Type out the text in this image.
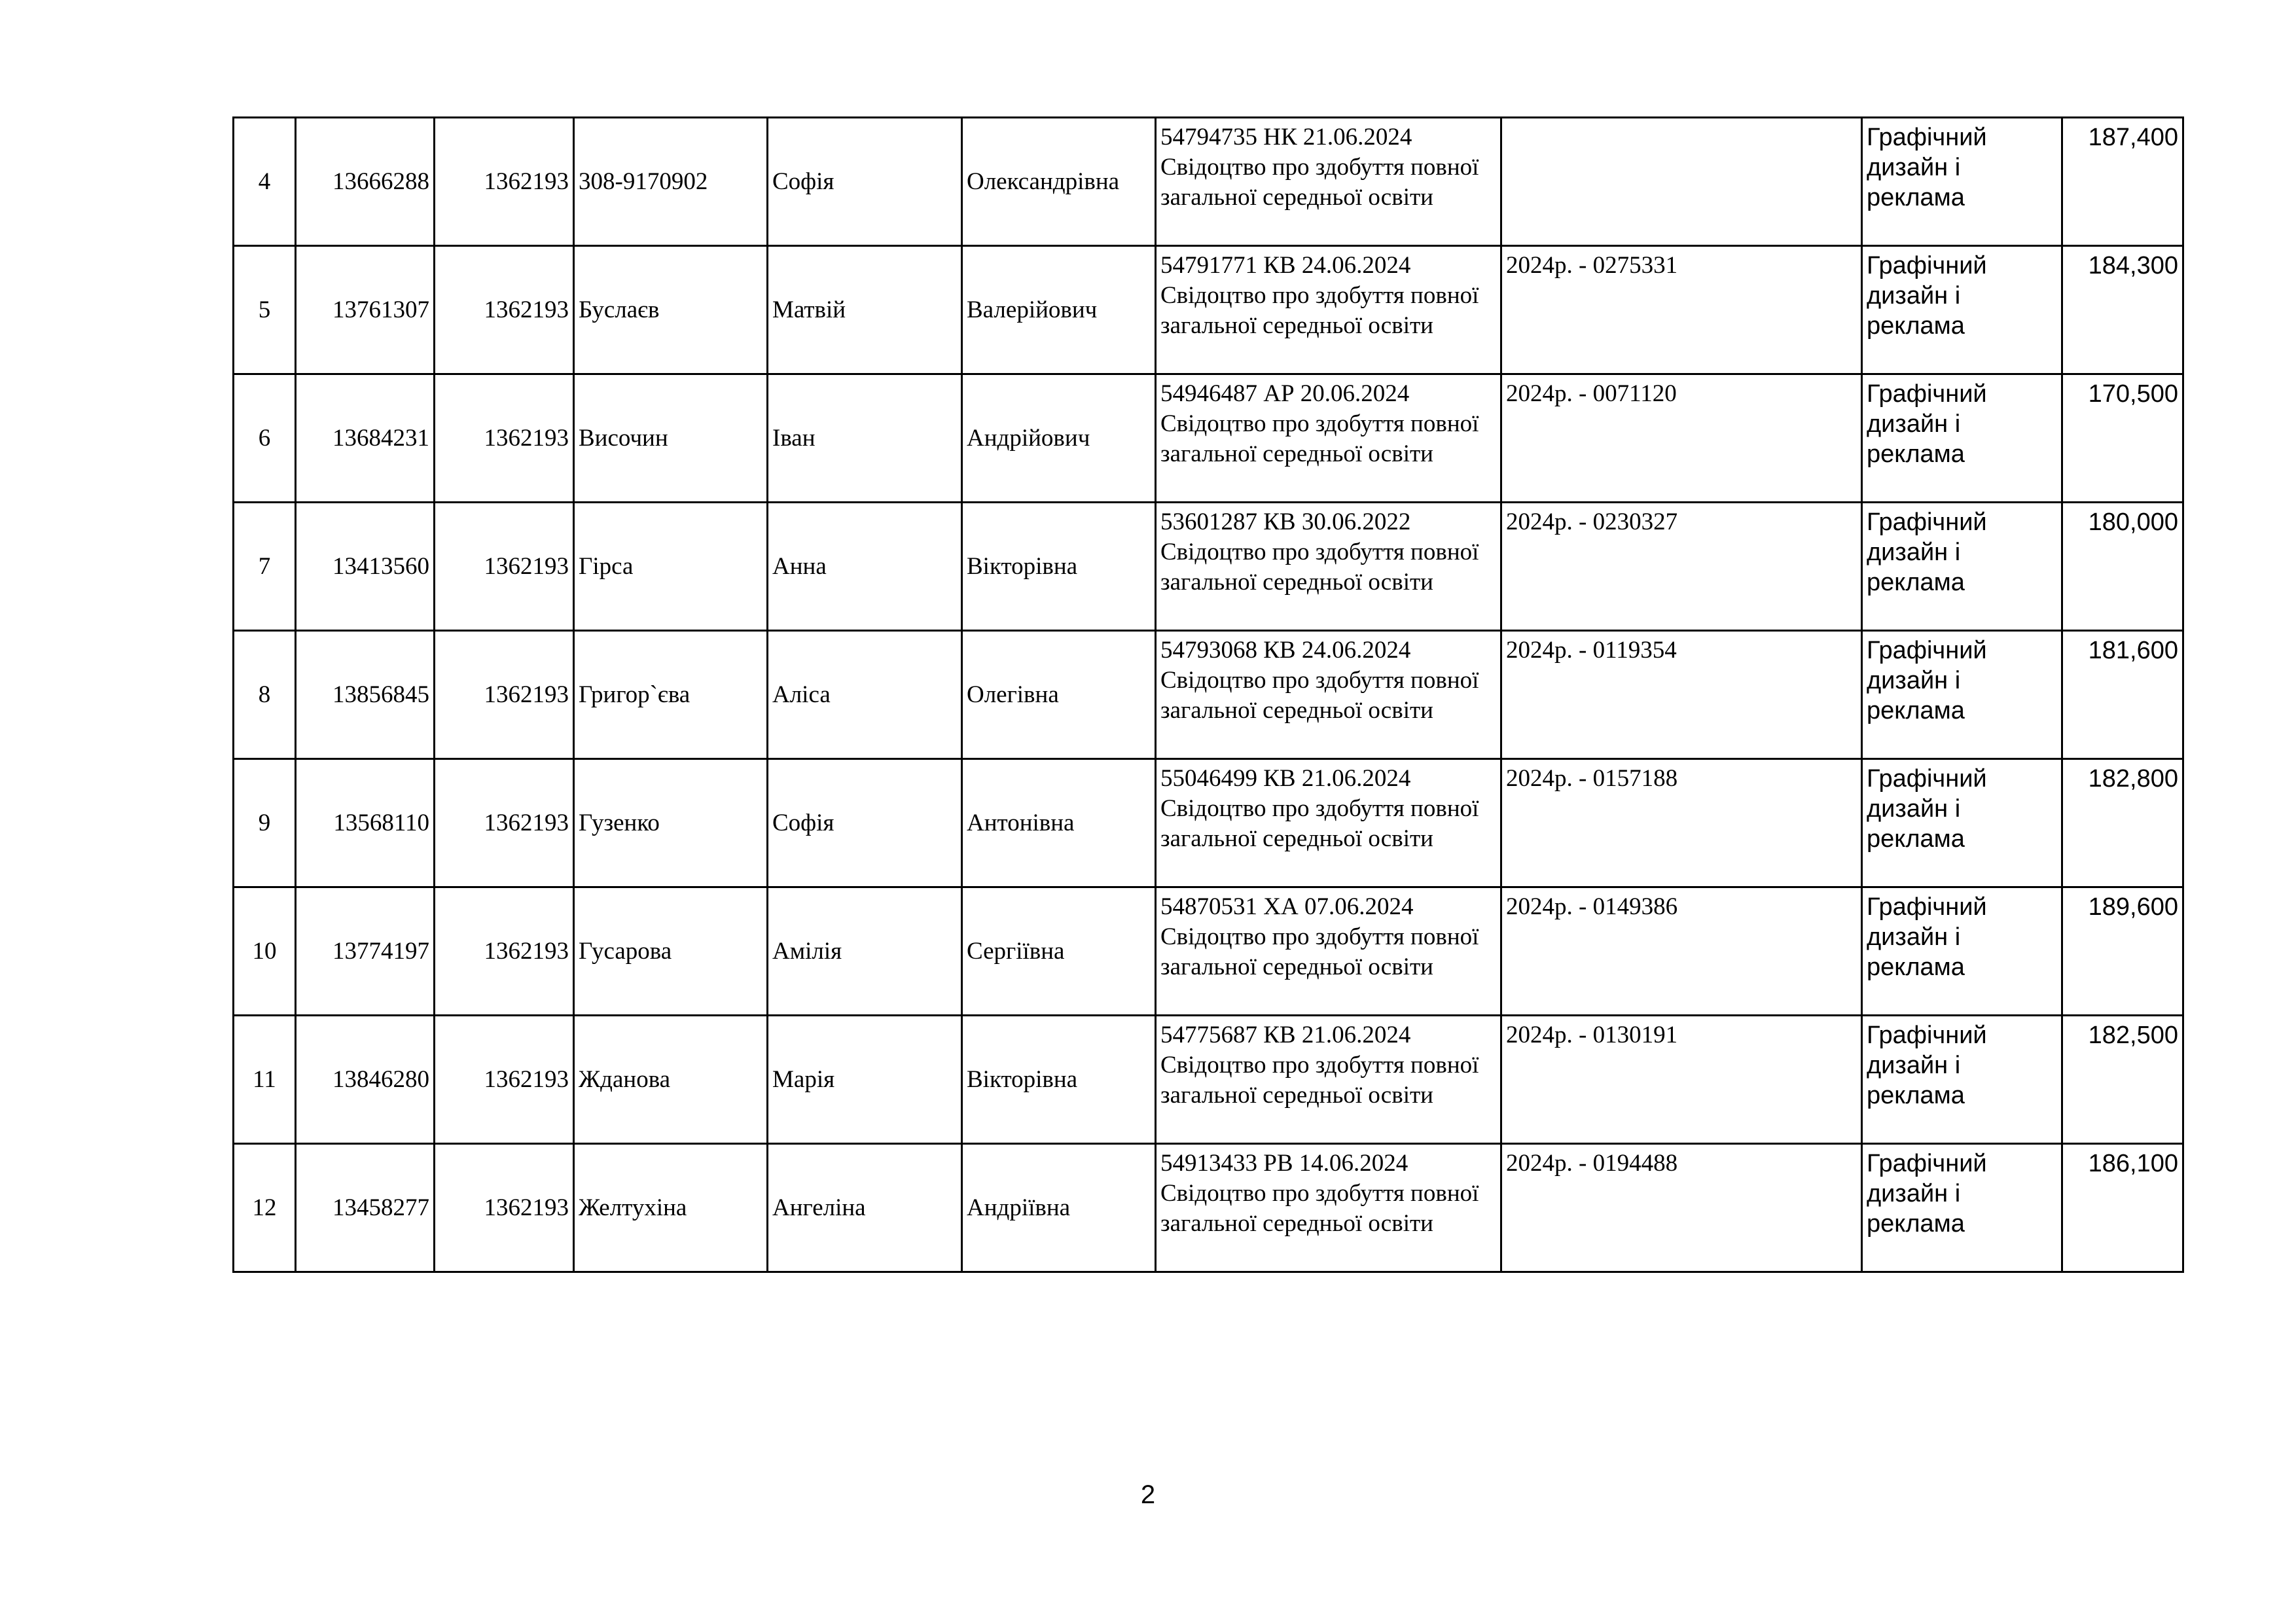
4	13666288	1362193	308-9170902	Софія	Олександрівна	54794735 НК 21.06.2024
Свідоцтво про здобуття повної загальної середньої освіти		Графічний дизайн і реклама	187,400

5	13761307	1362193	Буслаєв	Матвій	Валерійович	54791771 КВ 24.06.2024
Свідоцтво про здобуття повної загальної середньої освіти	2024р. - 0275331	Графічний дизайн і реклама	184,300

6	13684231	1362193	Височин	Іван	Андрійович	54946487 АР 20.06.2024
Свідоцтво про здобуття повної загальної середньої освіти	2024р. - 0071120	Графічний дизайн і реклама	170,500

7	13413560	1362193	Гірса	Анна	Вікторівна	53601287 КВ 30.06.2022
Свідоцтво про здобуття повної загальної середньої освіти	2024р. - 0230327	Графічний дизайн і реклама	180,000

8	13856845	1362193	Григор`єва	Аліса	Олегівна	54793068 КВ 24.06.2024
Свідоцтво про здобуття повної загальної середньої освіти	2024р. - 0119354	Графічний дизайн і реклама	181,600

9	13568110	1362193	Гузенко	Софія	Антонівна	55046499 КВ 21.06.2024
Свідоцтво про здобуття повної загальної середньої освіти	2024р. - 0157188	Графічний дизайн і реклама	182,800

10	13774197	1362193	Гусарова	Амілія	Сергіївна	54870531 ХА 07.06.2024
Свідоцтво про здобуття повної загальної середньої освіти	2024р. - 0149386	Графічний дизайн і реклама	189,600

11	13846280	1362193	Жданова	Марія	Вікторівна	54775687 КВ 21.06.2024
Свідоцтво про здобуття повної загальної середньої освіти	2024р. - 0130191	Графічний дизайн і реклама	182,500

12	13458277	1362193	Желтухіна	Ангеліна	Андріївна	54913433 РВ 14.06.2024
Свідоцтво про здобуття повної загальної середньої освіти	2024р. - 0194488	Графічний дизайн і реклама	186,100
2
